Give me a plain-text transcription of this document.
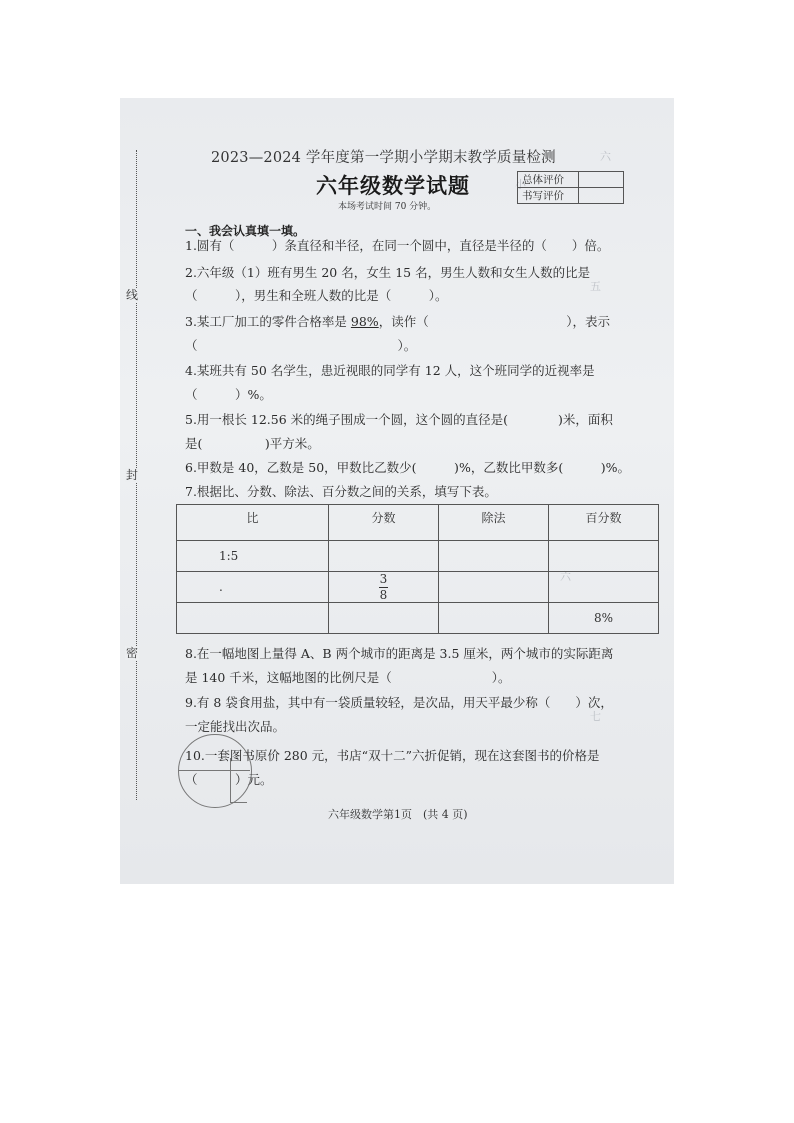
线
封
密
六
小
五
六
七
2023—2024 学年度第一学期小学期末教学质量检测
六年级数学试题
本场考试时间 70 分钟。
总体评价	
书写评价	
一、我会认真填一填。
1.圆有（　　　）条直径和半径，在同一个圆中，直径是半径的（　　）倍。
2.六年级（1）班有男生 20 名，女生 15 名，男生人数和女生人数的比是
（　　　），男生和全班人数的比是（　　　）。
3.某工厂加工的零件合格率是 98%，读作（　　　　　　　　　　　），表示
（　　　　　　　　　　　　　　　　）。
4.某班共有 50 名学生，患近视眼的同学有 12 人，这个班同学的近视率是
（　　　）%。
5.用一根长 12.56 米的绳子围成一个圆，这个圆的直径是(　　　　)米，面积
是(　　　　　)平方米。
6.甲数是 40，乙数是 50，甲数比乙数少(　　　)%，乙数比甲数多(　　　)%。
7.根据比、分数、除法、百分数之间的关系，填写下表。
比	分数	除法	百分数
1:5			
.	$\frac{3}{8}$		
			8%
8.在一幅地图上量得 A、B 两个城市的距离是 3.5 厘米，两个城市的实际距离
是 140 千米，这幅地图的比例尺是（　　　　　　　　）。
9.有 8 袋食用盐，其中有一袋质量较轻，是次品，用天平最少称（　　）次，
一定能找出次品。
10.一套图书原价 280 元，书店“双十二”六折促销，现在这套图书的价格是
（　　　）元。
六年级数学第1页　(共 4 页)
